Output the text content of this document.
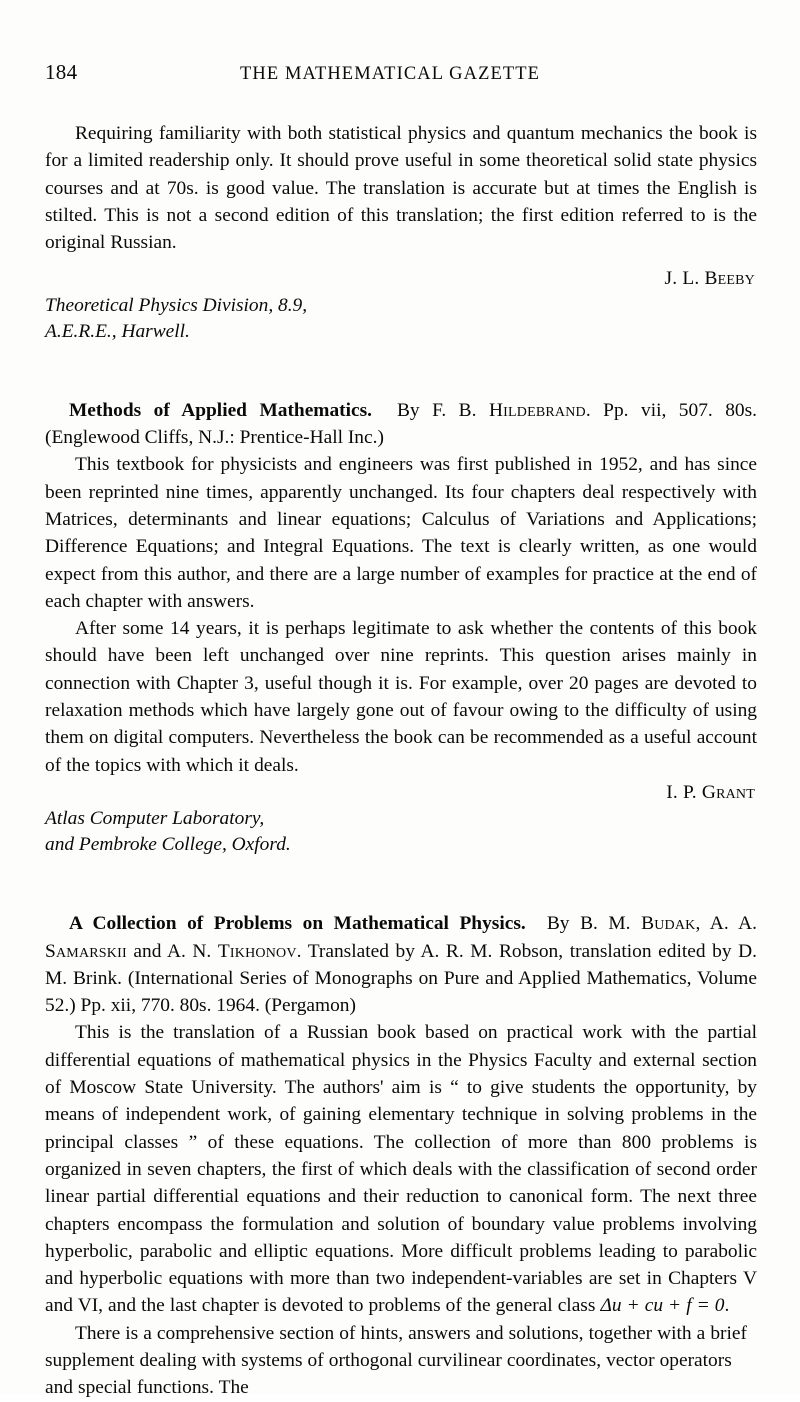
184	THE MATHEMATICAL GAZETTE

Requiring familiarity with both statistical physics and quantum mechanics the book is for a limited readership only. It should prove useful in some theoretical solid state physics courses and at 70s. is good value. The translation is accurate but at times the English is stilted. This is not a second edition of this translation; the first edition referred to is the original Russian.

J. L. Beeby

Theoretical Physics Division, 8.9,

A.E.R.E., Harwell.

Methods of Applied Mathematics. By F. B. Hildebrand. Pp. vii, 507. 80s. (Englewood Cliffs, N.J.: Prentice-Hall Inc.)

This textbook for physicists and engineers was first published in 1952, and has since been reprinted nine times, apparently unchanged. Its four chapters deal respectively with Matrices, determinants and linear equations; Calculus of Variations and Applications; Difference Equations; and Integral Equations. The text is clearly written, as one would expect from this author, and there are a large number of examples for practice at the end of each chapter with answers.

After some 14 years, it is perhaps legitimate to ask whether the contents of this book should have been left unchanged over nine reprints. This question arises mainly in connection with Chapter 3, useful though it is. For example, over 20 pages are devoted to relaxation methods which have largely gone out of favour owing to the difficulty of using them on digital computers. Nevertheless the book can be recommended as a useful account of the topics with which it deals.

I. P. Grant

Atlas Computer Laboratory,

and Pembroke College, Oxford.

A Collection of Problems on Mathematical Physics. By B. M. Budak, A. A. Samarskii and A. N. Tikhonov. Translated by A. R. M. Robson, translation edited by D. M. Brink. (International Series of Monographs on Pure and Applied Mathematics, Volume 52.) Pp. xii, 770. 80s. 1964. (Pergamon)

This is the translation of a Russian book based on practical work with the partial differential equations of mathematical physics in the Physics Faculty and external section of Moscow State University. The authors' aim is “ to give students the opportunity, by means of independent work, of gaining elementary technique in solving problems in the principal classes ” of these equations. The collection of more than 800 problems is organized in seven chapters, the first of which deals with the classification of second order linear partial differential equations and their reduction to canonical form. The next three chapters encompass the formulation and solution of boundary value problems involving hyperbolic, parabolic and elliptic equations. More difficult problems leading to parabolic and hyperbolic equations with more than two independent-variables are set in Chapters V and VI, and the last chapter is devoted to problems of the general class Δu + cu + f = 0.

There is a comprehensive section of hints, answers and solutions, together with a brief supplement dealing with systems of orthogonal curvilinear coordinates, vector operators and special functions. The
